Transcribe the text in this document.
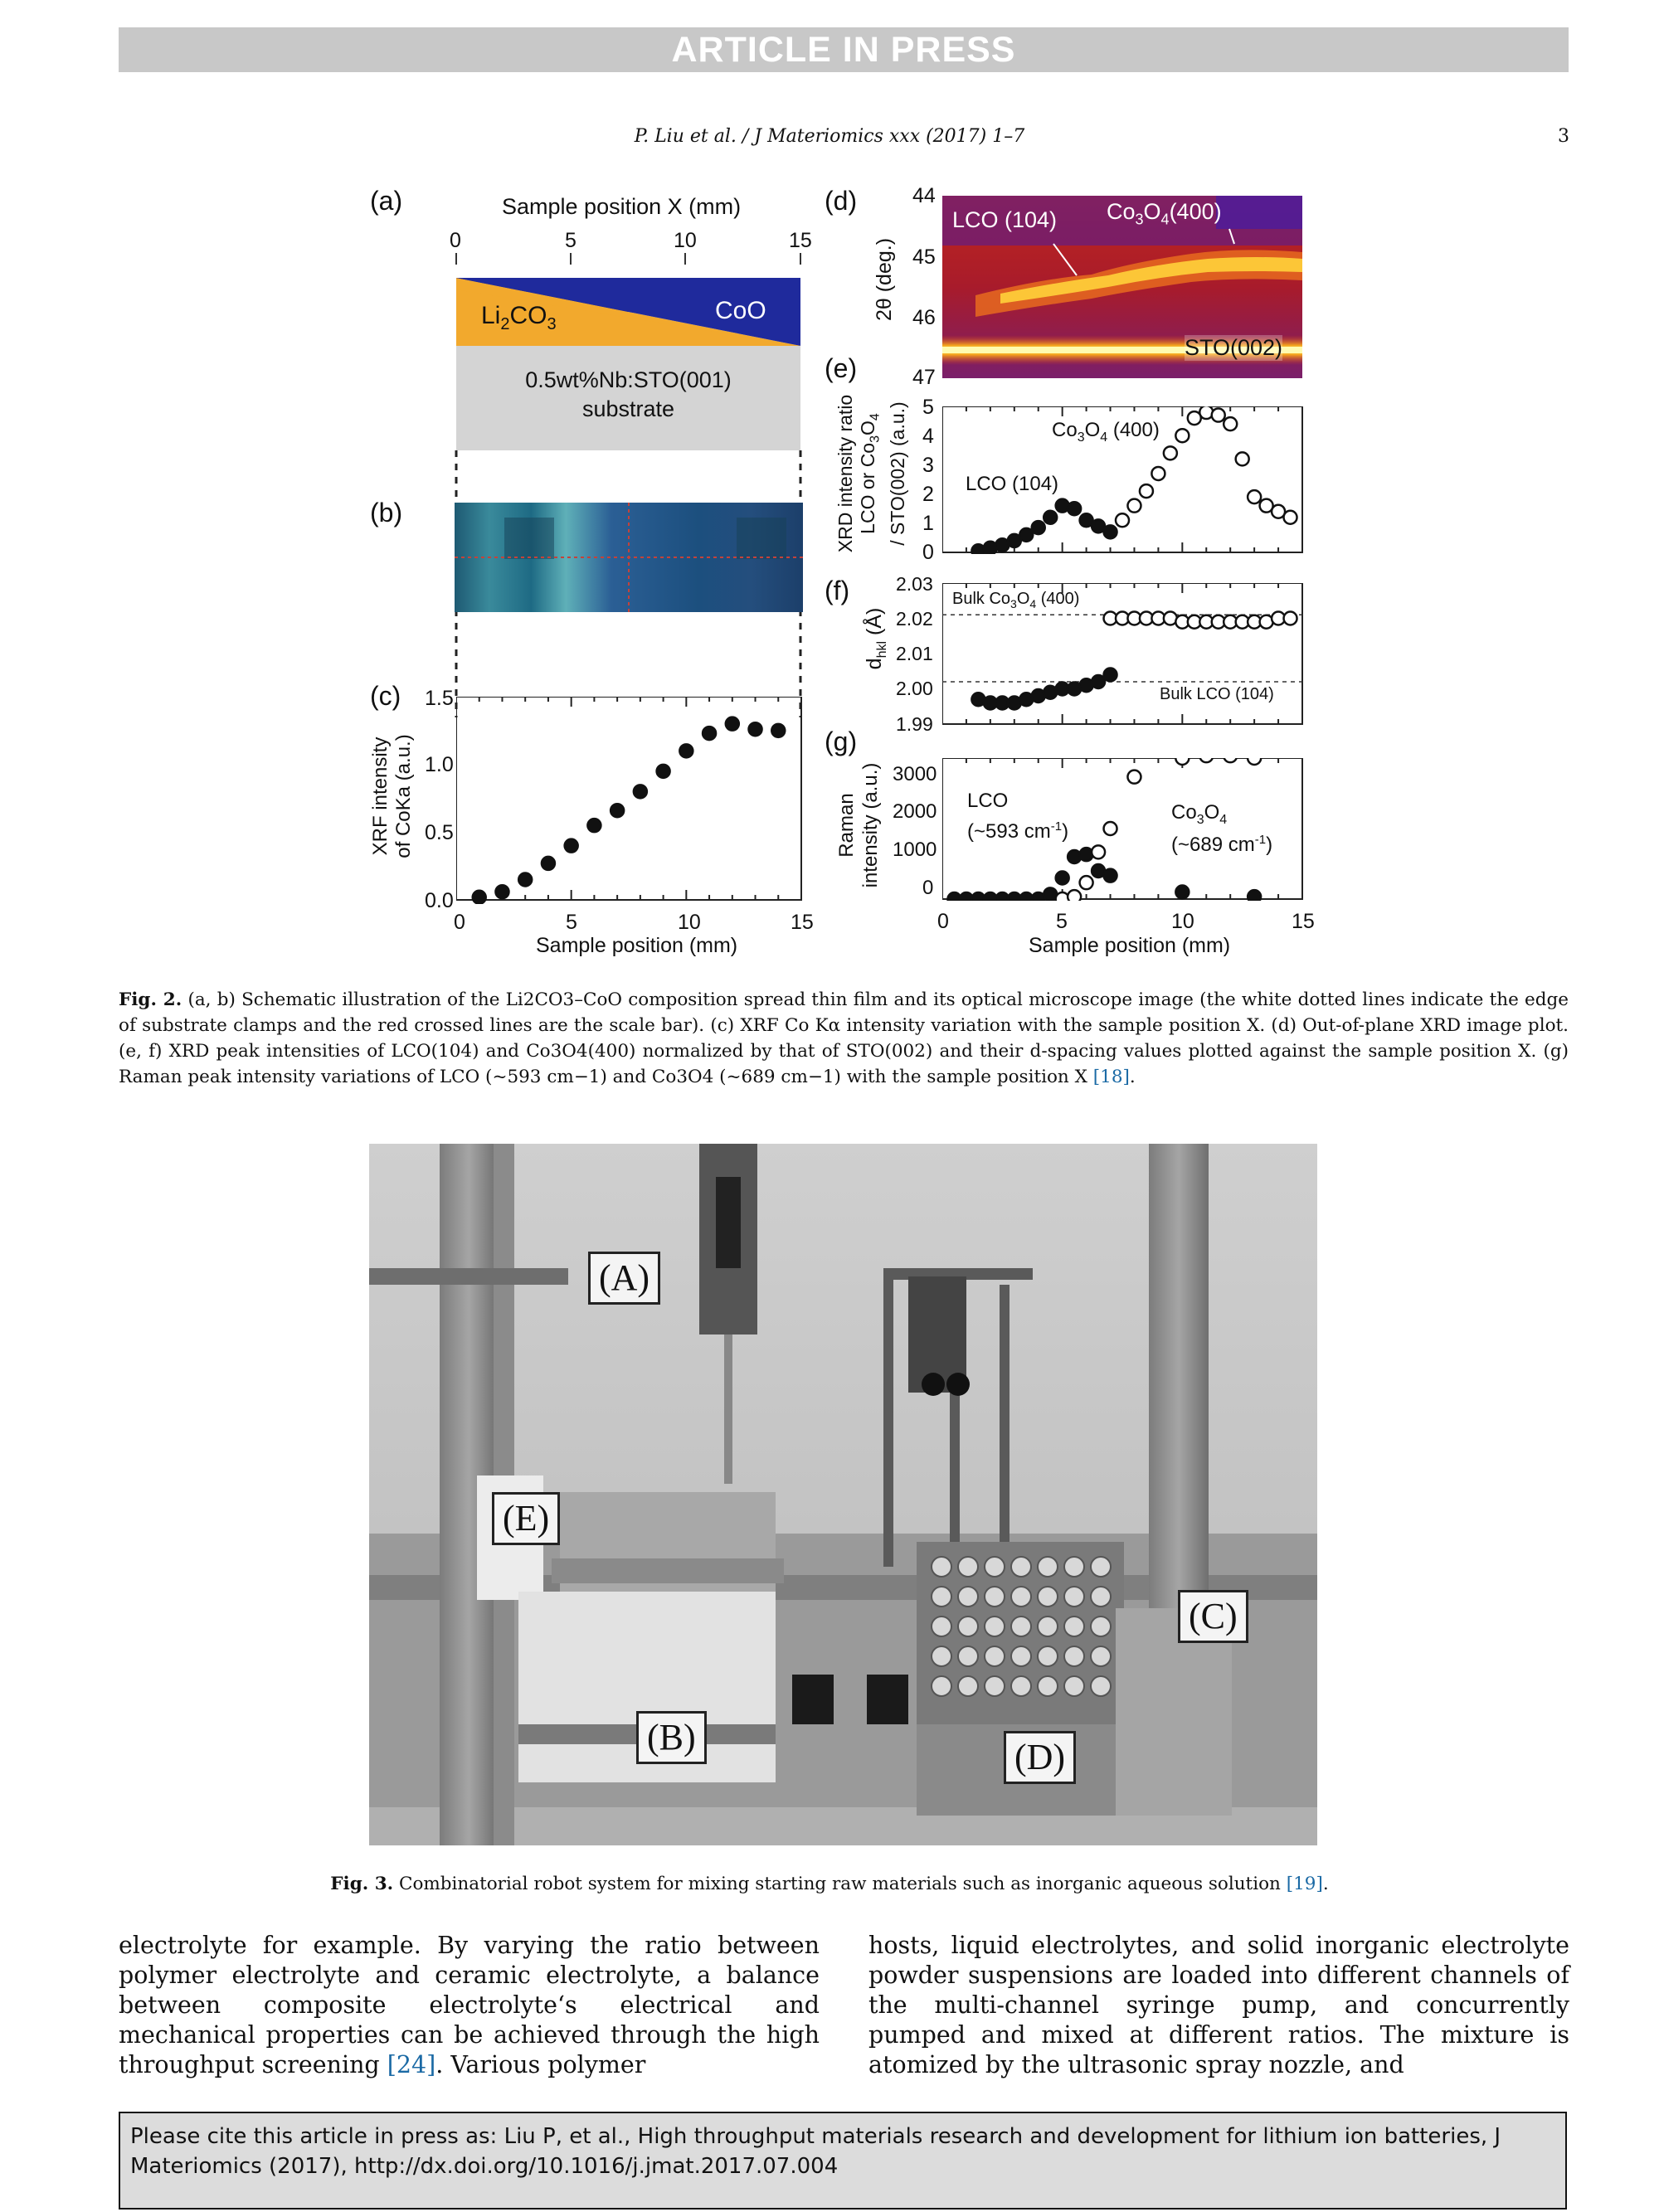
ARTICLE IN PRESS
P. Liu et al. / J Materiomics xxx (2017) 1–7	3
(a)
(b)
(c)
(d)
(e)
(f)
(g)
Sample position X (mm)
0	5	10	15
$Li_2CO_3$	CoO
0.5wt%Nb:STO(001)
substrate
1.5
1.0
0.5
0.0
XRF intensity of CoKa (a.u.)
0	5	10	15
Sample position (mm)
44
45
46
47
2θ (deg.)
LCO (104) $Co_3O_4(400)$
STO(002)
5
4
3
2
1
0
XRD intensity ratio LCO or $Co_3O_4 / STO(002)$ (a.u.)	$Co_3O_4$ (400)
LCO (104)
2.03
2.02
2.01
2.00
1.99
$d_{hkl}$ (Å)
Bulk $Co_3O_4$ (400)
Bulk LCO (104)
3000
2000
1000
0
Raman intensity (a.u.)	LCO
(~593 $cm^{-1}$)
$Co_3O_4$
(~689 $cm^{-1}$)
0	5	10	15
Sample position (mm)
Fig. 2. (a, b) Schematic illustration of the Li2CO3–CoO composition spread thin film and its optical microscope image (the white dotted lines indicate the edge of substrate clamps and the red crossed lines are the scale bar). (c) XRF Co Kα intensity variation with the sample position X. (d) Out-of-plane XRD image plot. (e, f) XRD peak intensities of LCO(104) and Co3O4(400) normalized by that of STO(002) and their d-spacing values plotted against the sample position X. (g) Raman peak intensity variations of LCO (~593 cm−1) and Co3O4 (~689 cm−1) with the sample position X [18].
(A)
(B)
(C)
(D)
(E)
Fig. 3. Combinatorial robot system for mixing starting raw materials such as inorganic aqueous solution [19].
electrolyte for example. By varying the ratio between polymer electrolyte and ceramic electrolyte, a balance between composite electrolyte‘s electrical and mechanical properties can be achieved through the high throughput screening [24]. Various polymer
hosts, liquid electrolytes, and solid inorganic electrolyte powder suspensions are loaded into different channels of the multi-channel syringe pump, and concurrently pumped and mixed at different ratios. The mixture is atomized by the ultrasonic spray nozzle, and
Please cite this article in press as: Liu P, et al., High throughput materials research and development for lithium ion batteries, J Materiomics (2017), http://dx.doi.org/10.1016/j.jmat.2017.07.004
